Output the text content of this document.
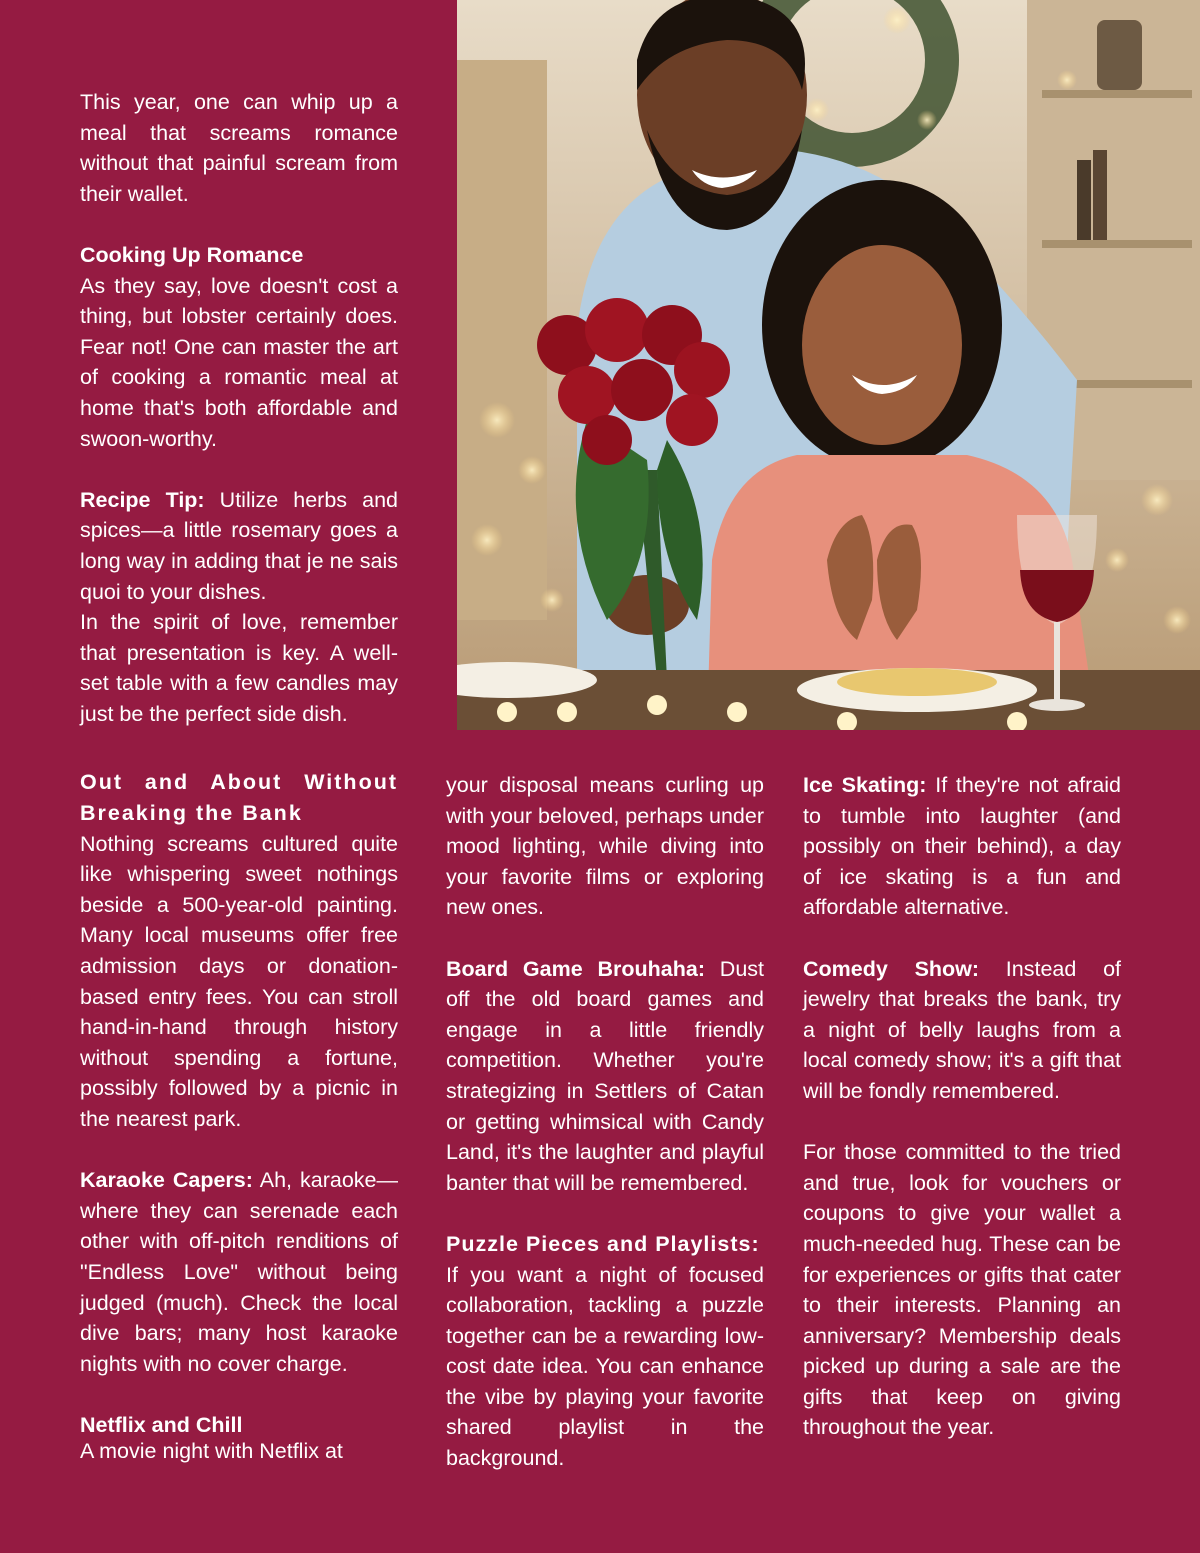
This year, one can whip up a meal that screams romance without that painful scream from their wallet.

Cooking Up Romance
As they say, love doesn't cost a thing, but lobster certainly does. Fear not! One can master the art of cooking a romantic meal at home that's both affordable and swoon-worthy.

Recipe Tip: Utilize herbs and spices—a little rosemary goes a long way in adding that je ne sais quoi to your dishes.

In the spirit of love, remember that presentation is key. A well-set table with a few candles may just be the perfect side dish.

Out and About Without Breaking the Bank
Nothing screams cultured quite like whispering sweet nothings beside a 500-year-old painting. Many local museums offer free admission days or donation-based entry fees. You can stroll hand-in-hand through history without spending a fortune, possibly followed by a picnic in the nearest park.

Karaoke Capers: Ah, karaoke—where they can serenade each other with off-pitch renditions of "Endless Love" without being judged (much). Check the local dive bars; many host karaoke nights with no cover charge.

Netflix and Chill

A movie night with Netflix at

your disposal means curling up with your beloved, perhaps under mood lighting, while diving into your favorite films or exploring new ones.

Board Game Brouhaha: Dust off the old board games and engage in a little friendly competition. Whether you're strategizing in Settlers of Catan or getting whimsical with Candy Land, it's the laughter and playful banter that will be remembered.

Puzzle Pieces and Playlists:
If you want a night of focused collaboration, tackling a puzzle together can be a rewarding low-cost date idea. You can enhance the vibe by playing your favorite shared playlist in the background.

Ice Skating: If they're not afraid to tumble into laughter (and possibly on their behind), a day of ice skating is a fun and affordable alternative.

Comedy Show: Instead of jewelry that breaks the bank, try a night of belly laughs from a local comedy show; it's a gift that will be fondly remembered.

For those committed to the tried and true, look for vouchers or coupons to give your wallet a much-needed hug. These can be for experiences or gifts that cater to their interests. Planning an anniversary? Membership deals picked up during a sale are the gifts that keep on giving throughout the year.
